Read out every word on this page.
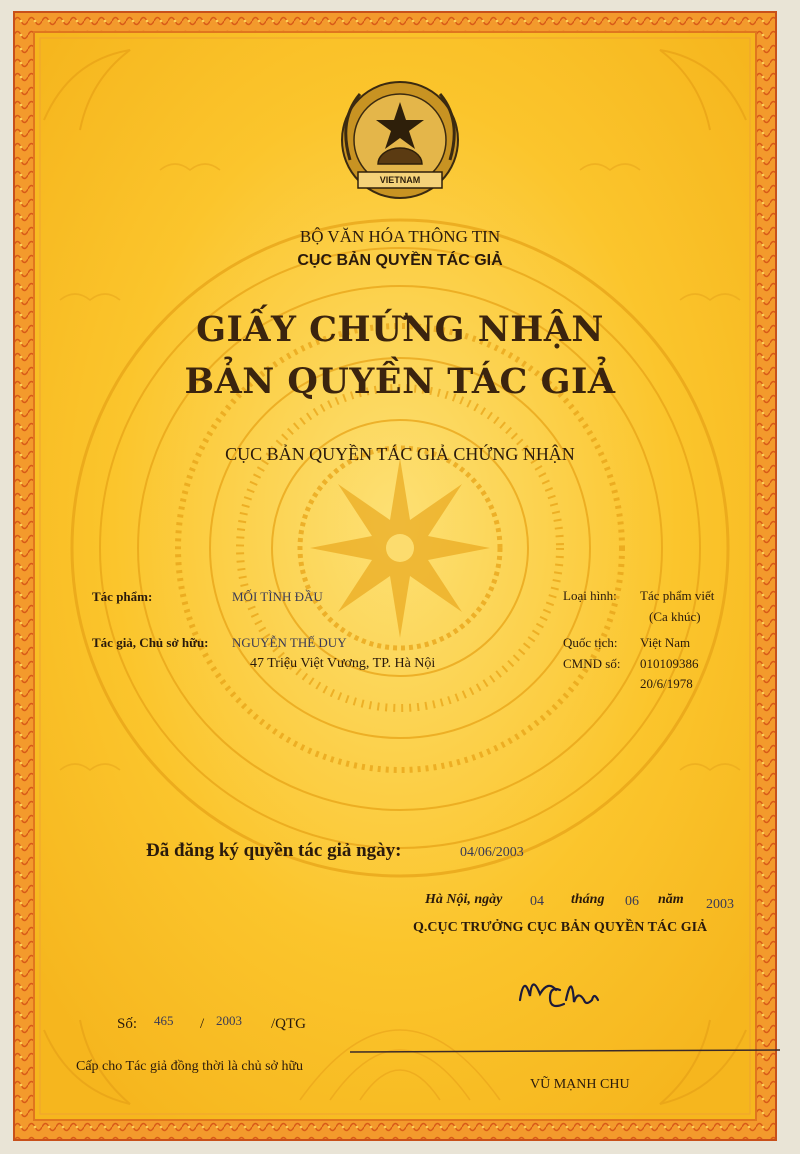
VIETNAM
BỘ VĂN HÓA THÔNG TIN
CỤC BẢN QUYỀN TÁC GIẢ
GIẤY CHỨNG NHẬN
BẢN QUYỀN TÁC GIẢ
CỤC BẢN QUYỀN TÁC GIẢ CHỨNG NHẬN
Tác phẩm:	MỐI TÌNH ĐẦU
Tác giả, Chủ sở hữu: NGUYỄN THẾ DUY
47 Triệu Việt Vương, TP. Hà Nội
Loại hình: Tác phẩm viết
(Ca khúc)
Quốc tịch: Việt Nam
CMND số: 010109386
20/6/1978
Đã đăng ký quyền tác giả ngày:	04/06/2003
Hà Nội, ngày 04 tháng 06 năm 2003
Q.CỤC TRƯỞNG CỤC BẢN QUYỀN TÁC GIẢ
Số: 465 / 2003 /QTG
Cấp cho Tác giả đồng thời là chủ sở hữu
VŨ MẠNH CHU
